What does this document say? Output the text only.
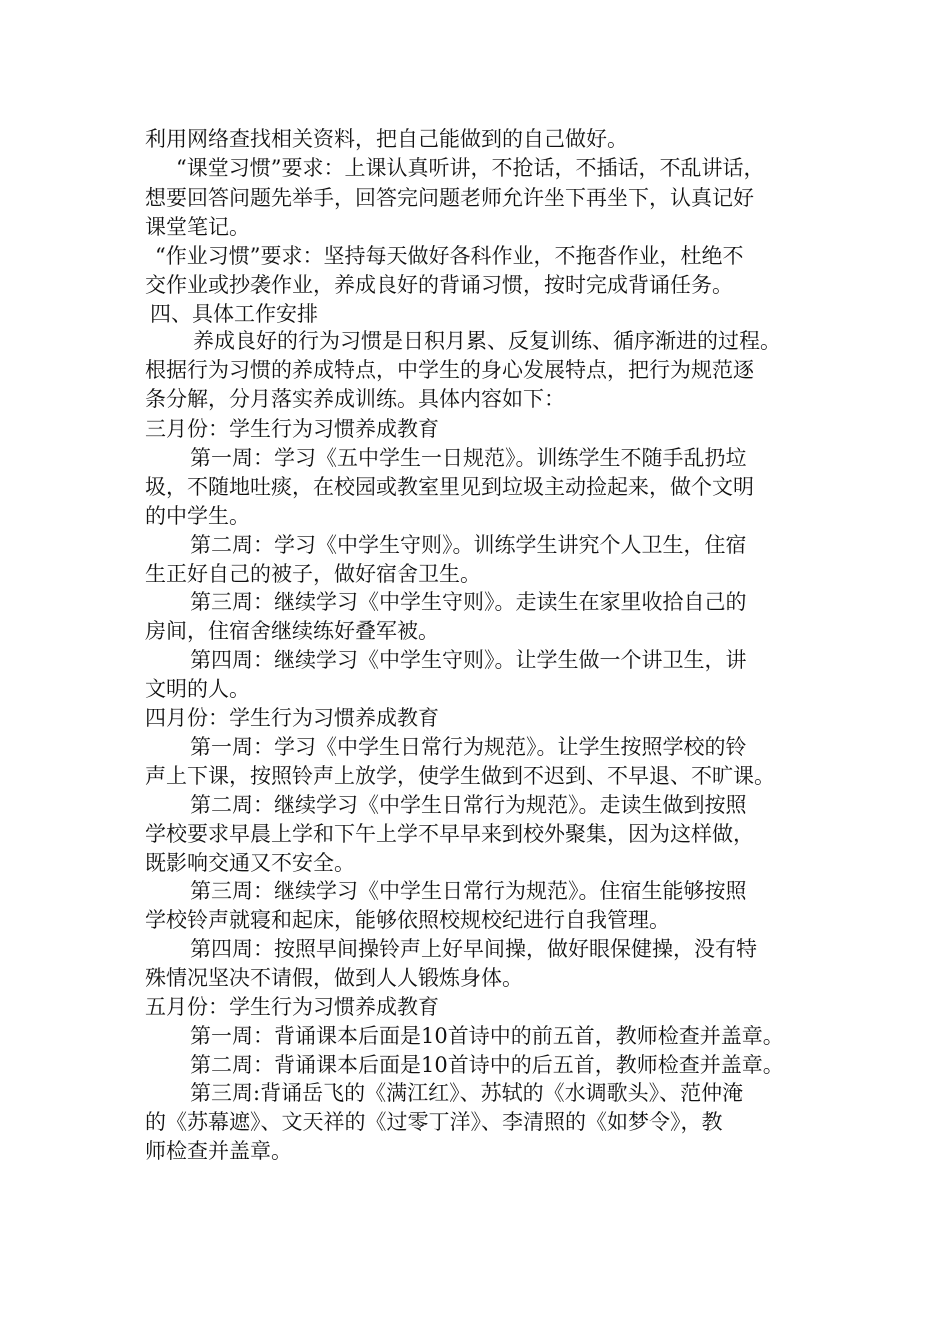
利用网络查找相关资料，把自己能做到的自己做好。
“课堂习惯”要求：上课认真听讲，不抢话，不插话，不乱讲话，
想要回答问题先举手，回答完问题老师允许坐下再坐下，认真记好
课堂笔记。
“作业习惯”要求：坚持每天做好各科作业，不拖沓作业，杜绝不
交作业或抄袭作业，养成良好的背诵习惯，按时完成背诵任务。
四、具体工作安排
养成良好的行为习惯是日积月累、反复训练、循序渐进的过程。
根据行为习惯的养成特点，中学生的身心发展特点，把行为规范逐
条分解，分月落实养成训练。具体内容如下：
三月份：学生行为习惯养成教育
第一周：学习《五中学生一日规范》。训练学生不随手乱扔垃
圾，不随地吐痰，在校园或教室里见到垃圾主动捡起来，做个文明
的中学生。
第二周：学习《中学生守则》。训练学生讲究个人卫生，住宿
生正好自己的被子，做好宿舍卫生。
第三周：继续学习《中学生守则》。走读生在家里收拾自己的
房间，住宿舍继续练好叠军被。
第四周：继续学习《中学生守则》。让学生做一个讲卫生，讲
文明的人。
四月份：学生行为习惯养成教育
第一周：学习《中学生日常行为规范》。让学生按照学校的铃
声上下课，按照铃声上放学，使学生做到不迟到、不早退、不旷课。
第二周：继续学习《中学生日常行为规范》。走读生做到按照
学校要求早晨上学和下午上学不早早来到校外聚集，因为这样做，
既影响交通又不安全。
第三周：继续学习《中学生日常行为规范》。住宿生能够按照
学校铃声就寝和起床，能够依照校规校纪进行自我管理。
第四周：按照早间操铃声上好早间操，做好眼保健操，没有特
殊情况坚决不请假，做到人人锻炼身体。
五月份：学生行为习惯养成教育
第一周：背诵课本后面是10首诗中的前五首，教师检查并盖章。
第二周：背诵课本后面是10首诗中的后五首，教师检查并盖章。
第三周:背诵岳飞的《满江红》、苏轼的《水调歌头》、范仲淹
的《苏幕遮》、文天祥的《过零丁洋》、李清照的《如梦令》，教
师检查并盖章。
